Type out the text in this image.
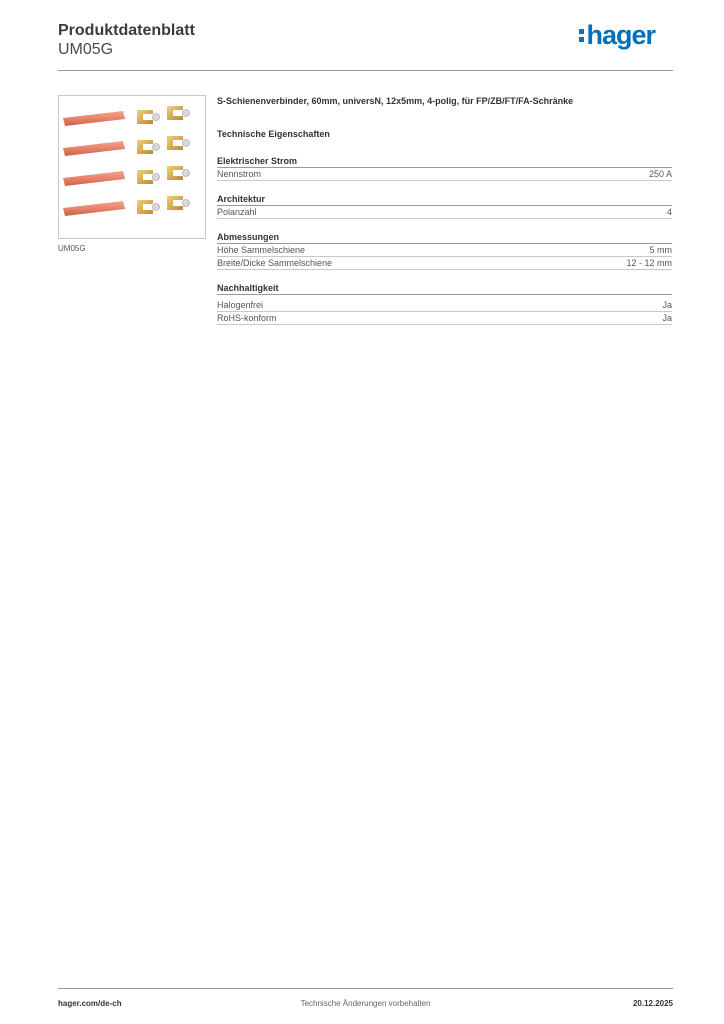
Produktdatenblatt
UM05G	hager
UM05G
S-Schienenverbinder, 60mm, universN, 12x5mm, 4-polig, für FP/ZB/FT/FA-Schränke
Technische Eigenschaften
Elektrischer Strom
Nennstrom	250 A
Architektur
Polanzahl	4
Abmessungen
Höhe Sammelschiene	5 mm
Breite/Dicke Sammelschiene	12 - 12 mm
Nachhaltigkeit
Halogenfrei	Ja
RoHS-konform	Ja
hager.com/de-ch	Technische Änderungen vorbehalten	20.12.2025
